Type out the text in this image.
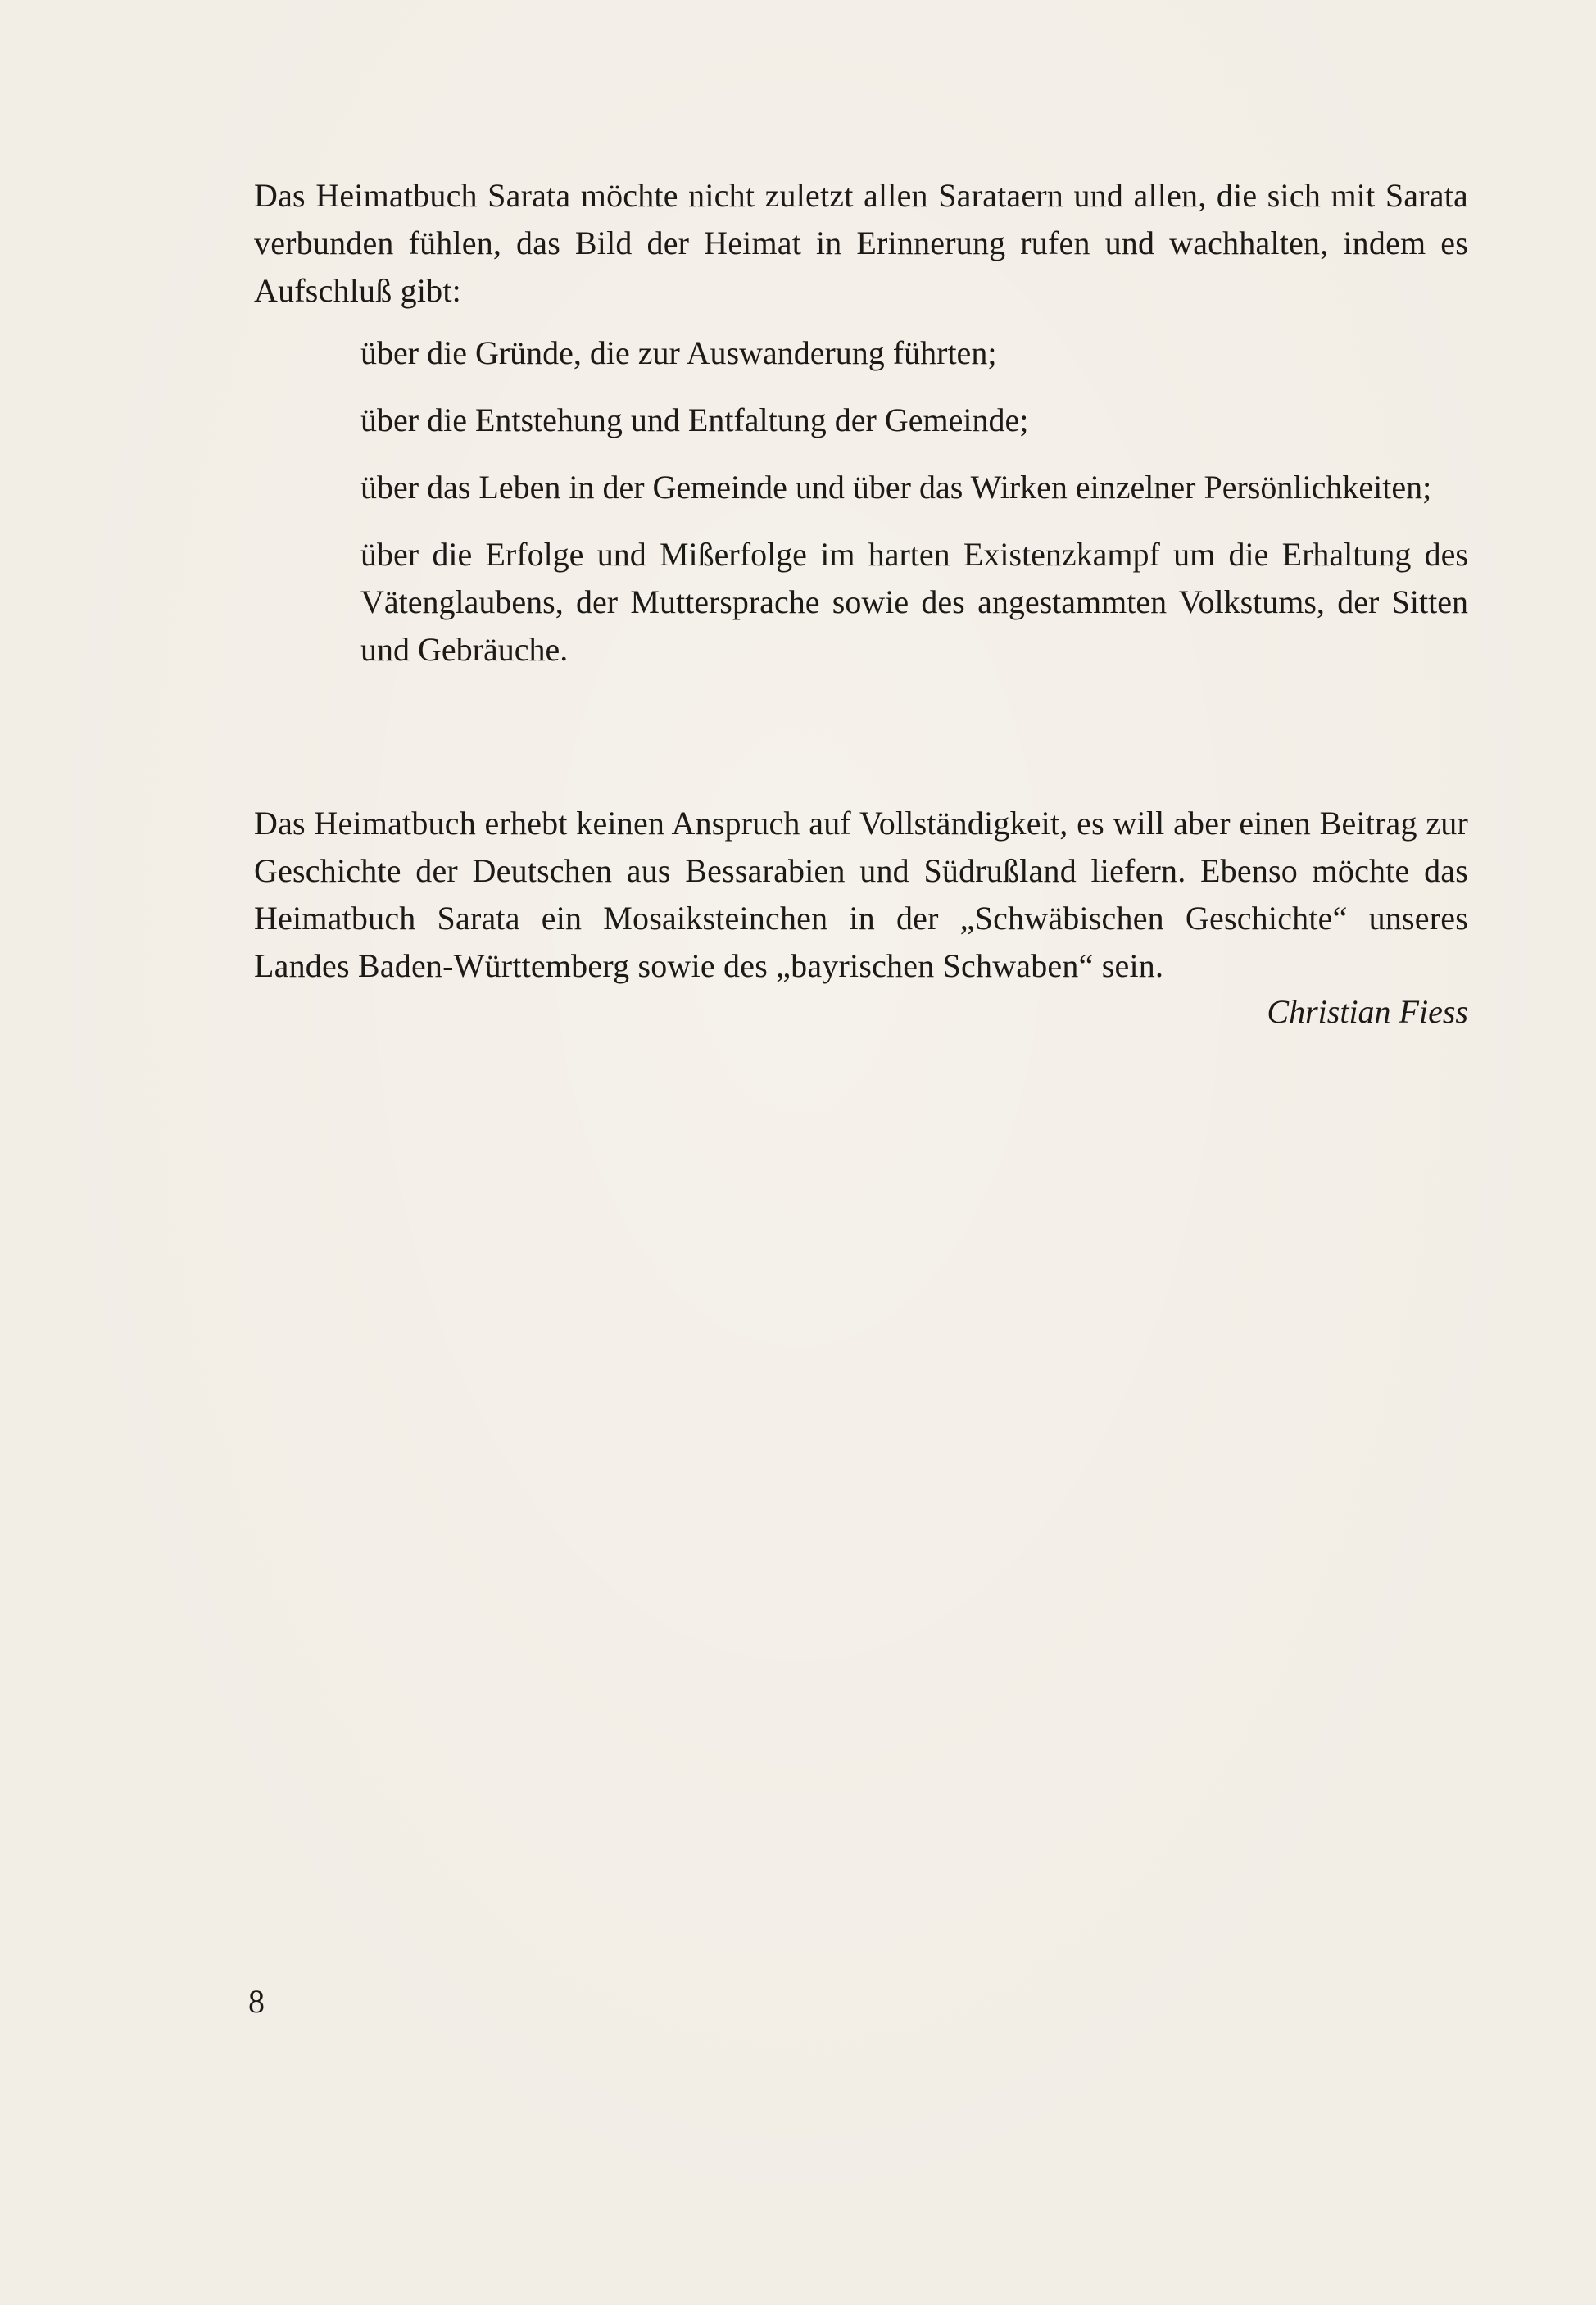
Das Heimatbuch Sarata möchte nicht zuletzt allen Sarataern und allen, die sich mit Sarata verbunden fühlen, das Bild der Heimat in Erinnerung rufen und wachhalten, indem es Aufschluß gibt:

über die Gründe, die zur Auswanderung führten;
über die Entstehung und Entfaltung der Gemeinde;
über das Leben in der Gemeinde und über das Wirken einzelner Persönlichkeiten;
über die Erfolge und Mißerfolge im harten Existenzkampf um die Erhaltung des Vätenglaubens, der Muttersprache sowie des angestammten Volkstums, der Sitten und Gebräuche.

Das Heimatbuch erhebt keinen Anspruch auf Vollständigkeit, es will aber einen Beitrag zur Geschichte der Deutschen aus Bessarabien und Südrußland liefern. Ebenso möchte das Heimatbuch Sarata ein Mosaiksteinchen in der „Schwäbischen Geschichte“ unseres Landes Baden-Württemberg sowie des „bayrischen Schwaben“ sein.

Christian Fiess
8
